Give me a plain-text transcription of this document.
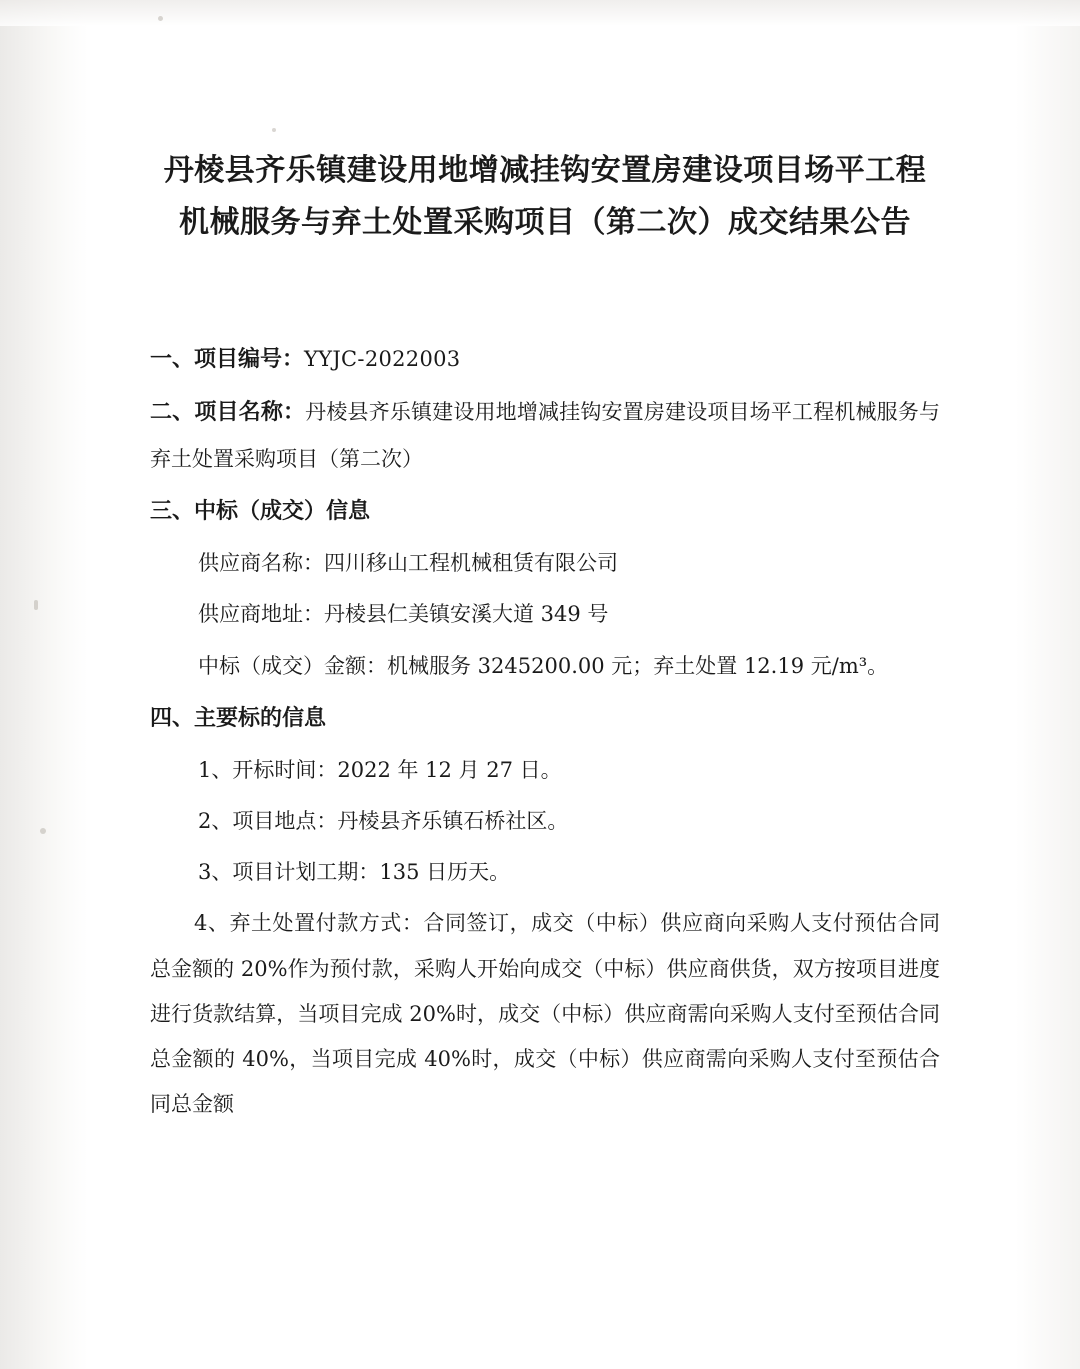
丹棱县齐乐镇建设用地增减挂钩安置房建设项目场平工程机械服务与弃土处置采购项目（第二次）成交结果公告

一、项目编号：YYJC-2022003

二、项目名称：丹棱县齐乐镇建设用地增减挂钩安置房建设项目场平工程机械服务与弃土处置采购项目（第二次）

三、中标（成交）信息

供应商名称：四川移山工程机械租赁有限公司

供应商地址：丹棱县仁美镇安溪大道 349 号

中标（成交）金额：机械服务 3245200.00 元；弃土处置 12.19 元/m³。

四、主要标的信息

1、开标时间：2022 年 12 月 27 日。

2、项目地点：丹棱县齐乐镇石桥社区。

3、项目计划工期：135 日历天。

4、弃土处置付款方式：合同签订，成交（中标）供应商向采购人支付预估合同总金额的 20%作为预付款，采购人开始向成交（中标）供应商供货，双方按项目进度进行货款结算，当项目完成 20%时，成交（中标）供应商需向采购人支付至预估合同总金额的 40%，当项目完成 40%时，成交（中标）供应商需向采购人支付至预估合同总金额
